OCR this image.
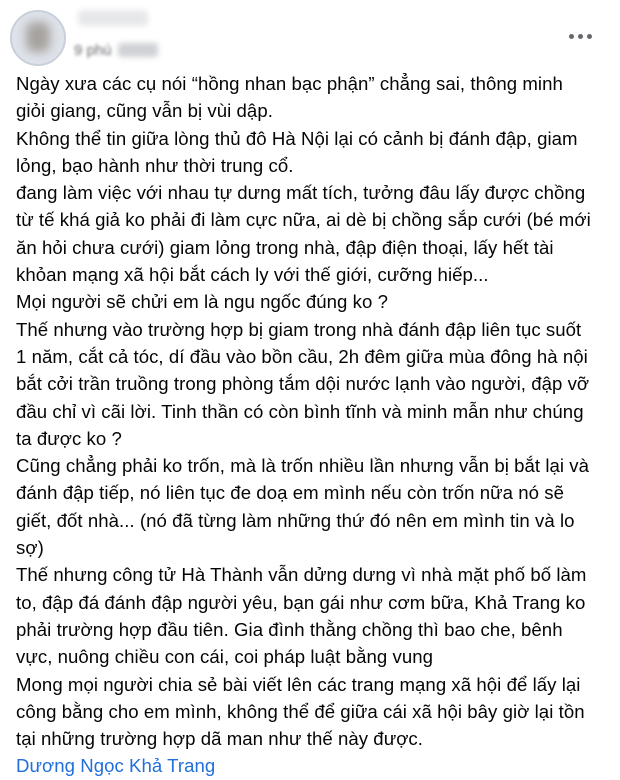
9 phú

Ngày xưa các cụ nói “hồng nhan bạc phận” chẳng sai, thông minh

giỏi giang, cũng vẫn bị vùi dập.

Không thể tin giữa lòng thủ đô Hà Nội lại có cảnh bị đánh đập, giam

lỏng, bạo hành như thời trung cổ.

đang làm việc với nhau tự dưng mất tích, tưởng đâu lấy được chồng

từ tế khá giả ko phải đi làm cực nữa, ai dè bị chồng sắp cưới (bé mới

ăn hỏi chưa cưới) giam lỏng trong nhà, đập điện thoại, lấy hết tài

khỏan mạng xã hội bắt cách ly với thế giới, cưỡng hiếp...

Mọi người sẽ chửi em là ngu ngốc đúng ko ?

Thế nhưng vào trường hợp bị giam trong nhà đánh đập liên tục suốt

1 năm, cắt cả tóc, dí đầu vào bồn cầu, 2h đêm giữa mùa đông hà nội

bắt cởi trần truồng trong phòng tắm dội nước lạnh vào người, đập vỡ

đầu chỉ vì cãi lời. Tinh thần có còn bình tĩnh và minh mẫn như chúng

ta được ko ?

Cũng chẳng phải ko trốn, mà là trốn nhiều lần nhưng vẫn bị bắt lại và

đánh đập tiếp, nó liên tục đe doạ em mình nếu còn trốn nữa nó sẽ

giết, đốt nhà... (nó đã từng làm những thứ đó nên em mình tin và lo

sợ)

Thế nhưng công tử Hà Thành vẫn dửng dưng vì nhà mặt phố bố làm

to, đập đá đánh đập người yêu, bạn gái như cơm bữa, Khả Trang ko

phải trường hợp đầu tiên. Gia đình thằng chồng thì bao che, bênh

vực, nuông chiều con cái, coi pháp luật bằng vung

Mong mọi người chia sẻ bài viết lên các trang mạng xã hội để lấy lại

công bằng cho em mình, không thể để giữa cái xã hội bây giờ lại tồn

tại những trường hợp dã man như thế này được.

Dương Ngọc Khả Trang
